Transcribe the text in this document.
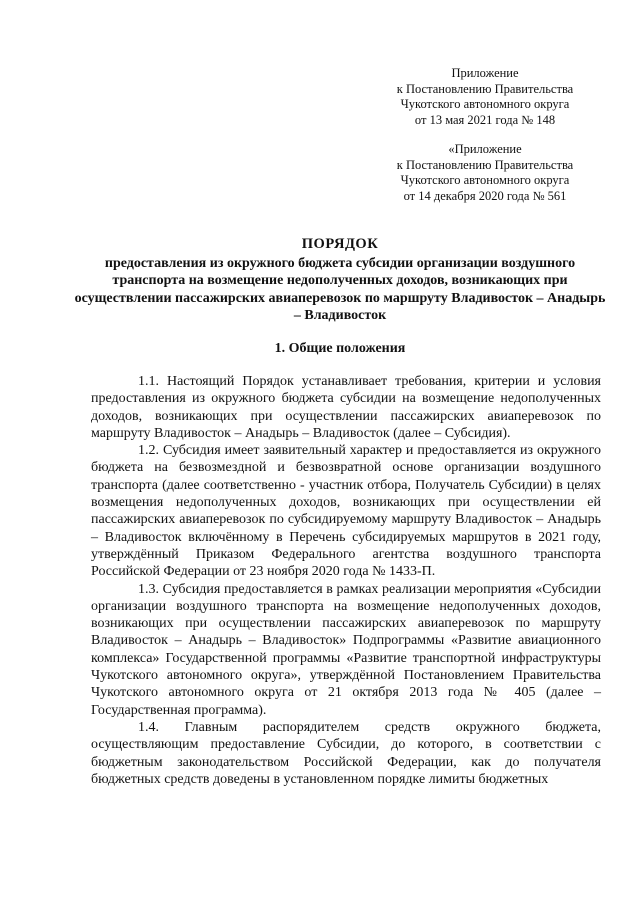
Приложение
к Постановлению Правительства
Чукотского автономного округа
от 13 мая 2021 года № 148
«Приложение
к Постановлению Правительства
Чукотского автономного округа
от 14 декабря 2020 года № 561
ПОРЯДОК
предоставления из окружного бюджета субсидии организации воздушного транспорта на возмещение недополученных доходов, возникающих при осуществлении пассажирских авиаперевозок по маршруту Владивосток – Анадырь – Владивосток
1. Общие положения

1.1. Настоящий Порядок устанавливает требования, критерии и условия предоставления из окружного бюджета субсидии на возмещение недополученных доходов, возникающих при осуществлении пассажирских авиаперевозок по маршруту Владивосток – Анадырь – Владивосток (далее – Субсидия).

1.2. Субсидия имеет заявительный характер и предоставляется из окружного бюджета на безвозмездной и безвозвратной основе организации воздушного транспорта (далее соответственно - участник отбора, Получатель Субсидии) в целях возмещения недополученных доходов, возникающих при осуществлении ей пассажирских авиаперевозок по субсидируемому маршруту Владивосток – Анадырь – Владивосток включённому в Перечень субсидируемых маршрутов в 2021 году, утверждённый Приказом Федерального агентства воздушного транспорта Российской Федерации от 23 ноября 2020 года № 1433-П.

1.3. Субсидия предоставляется в рамках реализации мероприятия «Субсидии организации воздушного транспорта на возмещение недополученных доходов, возникающих при осуществлении пассажирских авиаперевозок по маршруту Владивосток – Анадырь – Владивосток» Подпрограммы «Развитие авиационного комплекса» Государственной программы «Развитие транспортной инфраструктуры Чукотского автономного округа», утверждённой Постановлением Правительства Чукотского автономного округа от 21 октября 2013 года № 405 (далее – Государственная программа).

1.4. Главным распорядителем средств окружного бюджета, осуществляющим предоставление Субсидии, до которого, в соответствии с бюджетным законодательством Российской Федерации, как до получателя бюджетных средств доведены в установленном порядке лимиты бюджетных
